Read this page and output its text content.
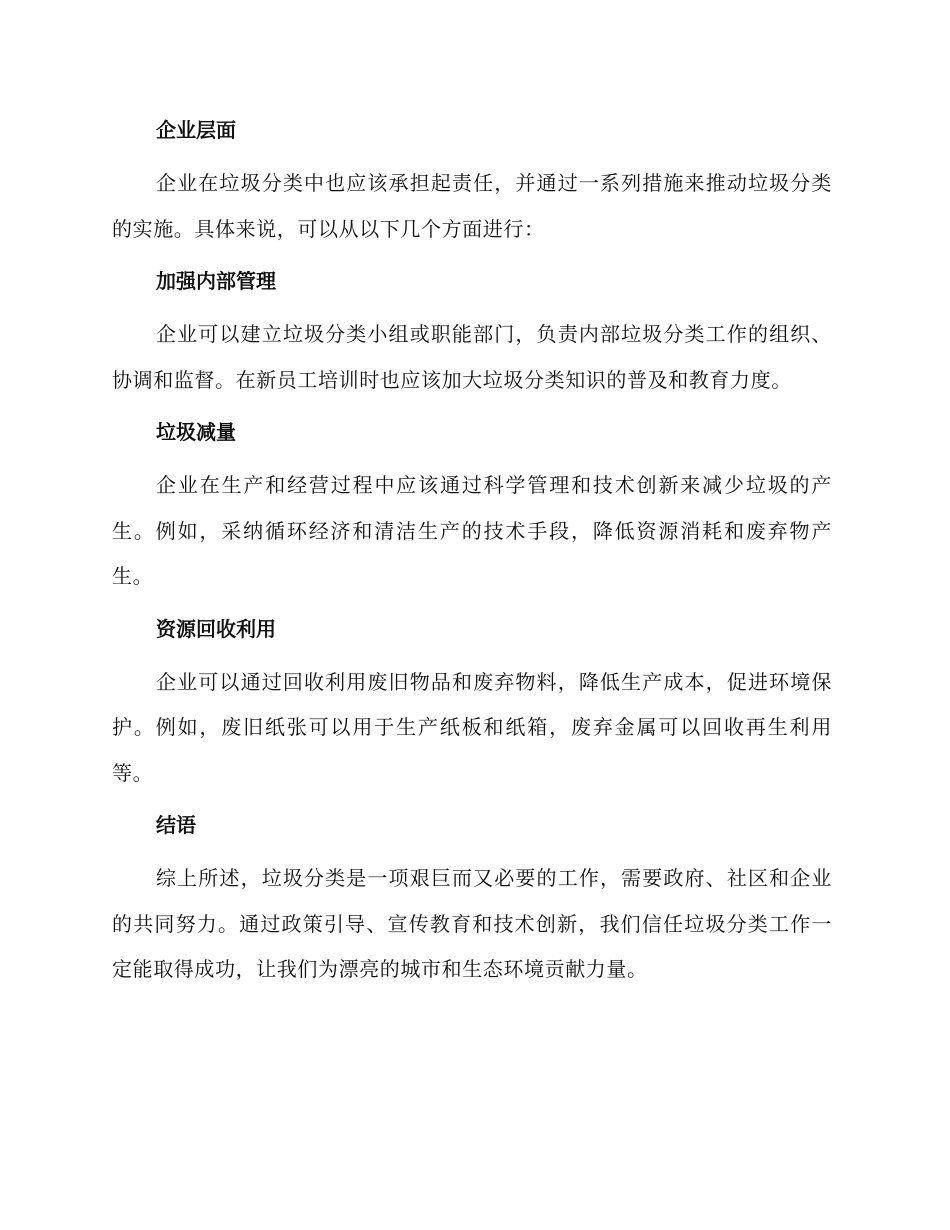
企业层面

企业在垃圾分类中也应该承担起责任，并通过一系列措施来推动垃圾分类的实施。具体来说，可以从以下几个方面进行：

加强内部管理

企业可以建立垃圾分类小组或职能部门，负责内部垃圾分类工作的组织、协调和监督。在新员工培训时也应该加大垃圾分类知识的普及和教育力度。

垃圾减量

企业在生产和经营过程中应该通过科学管理和技术创新来减少垃圾的产生。例如，采纳循环经济和清洁生产的技术手段，降低资源消耗和废弃物产生。

资源回收利用

企业可以通过回收利用废旧物品和废弃物料，降低生产成本，促进环境保护。例如，废旧纸张可以用于生产纸板和纸箱，废弃金属可以回收再生利用等。

结语

综上所述，垃圾分类是一项艰巨而又必要的工作，需要政府、社区和企业的共同努力。通过政策引导、宣传教育和技术创新，我们信任垃圾分类工作一定能取得成功，让我们为漂亮的城市和生态环境贡献力量。
